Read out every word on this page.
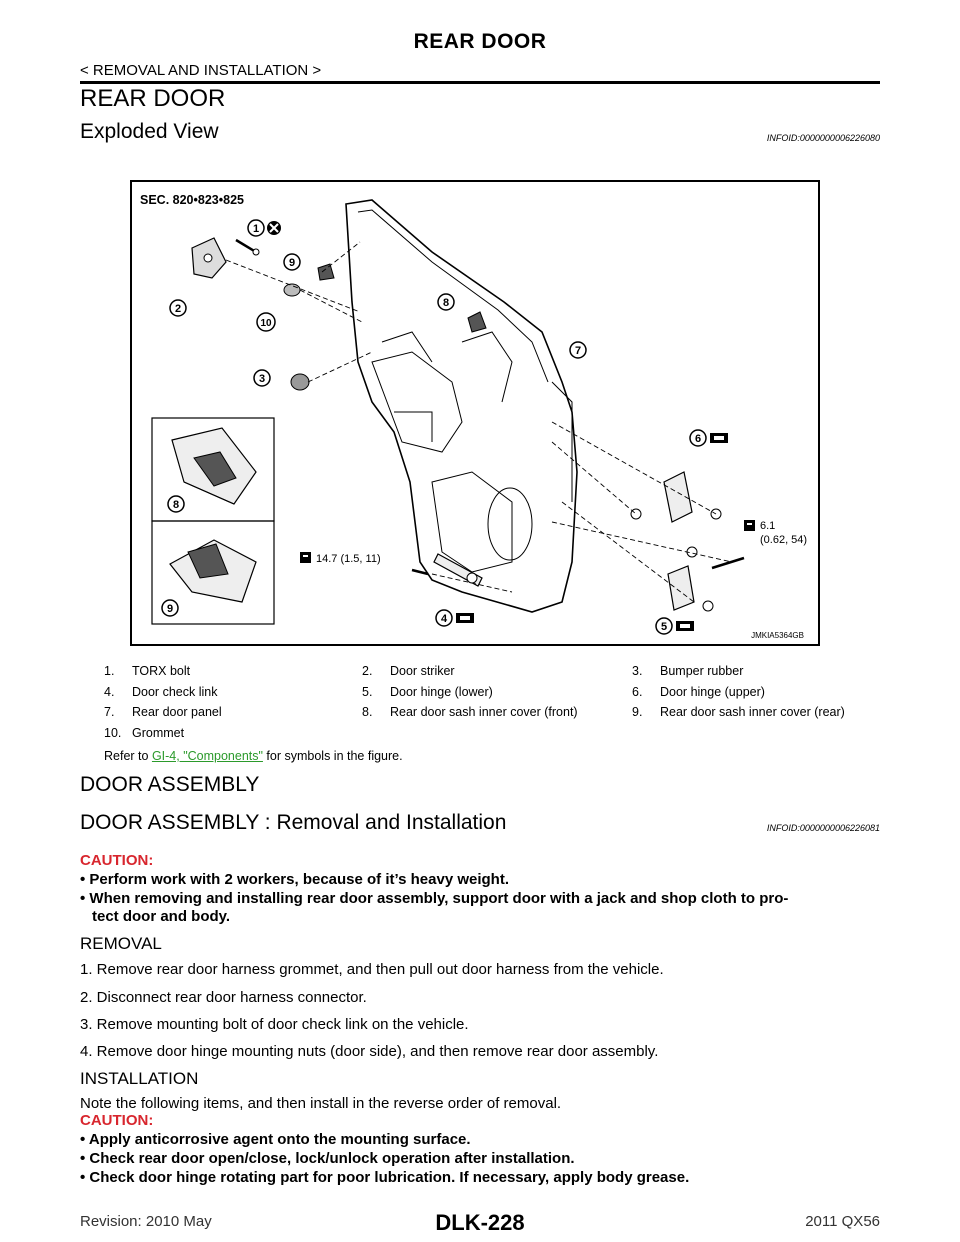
REAR DOOR
< REMOVAL AND INSTALLATION >
REAR DOOR
Exploded View	INFOID:0000000006226080
SEC. 820•823•825
1
2
3
4
5
6
7
8
8
9
9
10
14.7 (1.5, 11)
6.1
(0.62, 54)
JMKIA5364GB
1.	TORX bolt	2.	Door striker	3.	Bumper rubber
4.	Door check link	5.	Door hinge (lower)	6.	Door hinge (upper)
7.	Rear door panel	8.	Rear door sash inner cover (front)	9.	Rear door sash inner cover (rear)
10.	Grommet				
Refer to GI-4, "Components" for symbols in the figure.
DOOR ASSEMBLY
DOOR ASSEMBLY : Removal and Installation	INFOID:0000000006226081
CAUTION:
• Perform work with 2 workers, because of it’s heavy weight.
• When removing and installing rear door assembly, support door with a jack and shop cloth to pro-
tect door and body.
REMOVAL
1. Remove rear door harness grommet, and then pull out door harness from the vehicle.
2. Disconnect rear door harness connector.
3. Remove mounting bolt of door check link on the vehicle.
4. Remove door hinge mounting nuts (door side), and then remove rear door assembly.
INSTALLATION
Note the following items, and then install in the reverse order of removal.
CAUTION:
• Apply anticorrosive agent onto the mounting surface.
• Check rear door open/close, lock/unlock operation after installation.
• Check door hinge rotating part for poor lubrication. If necessary, apply body grease.
Revision: 2010 May	DLK-228	2011 QX56
